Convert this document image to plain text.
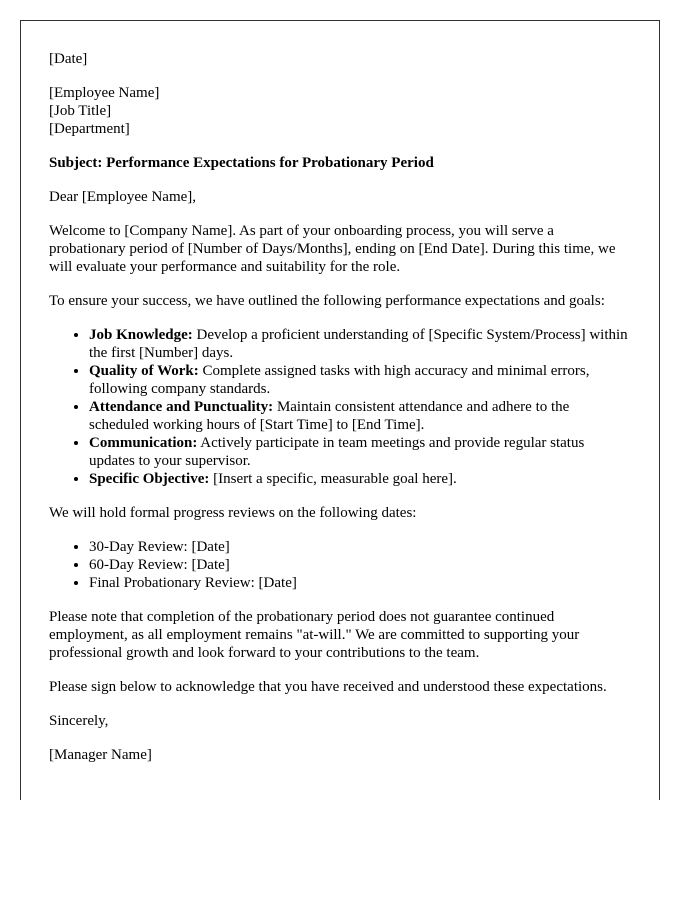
[Date]

[Employee Name]
[Job Title]
[Department]

Subject: Performance Expectations for Probationary Period

Dear [Employee Name],

Welcome to [Company Name]. As part of your onboarding process, you will serve a probationary period of [Number of Days/Months], ending on [End Date]. During this time, we will evaluate your performance and suitability for the role.

To ensure your success, we have outlined the following performance expectations and goals:

• Job Knowledge: Develop a proficient understanding of [Specific System/Process] within the first [Number] days.
• Quality of Work: Complete assigned tasks with high accuracy and minimal errors, following company standards.
• Attendance and Punctuality: Maintain consistent attendance and adhere to the scheduled working hours of [Start Time] to [End Time].
• Communication: Actively participate in team meetings and provide regular status updates to your supervisor.
• Specific Objective: [Insert a specific, measurable goal here].

We will hold formal progress reviews on the following dates:

• 30-Day Review: [Date]
• 60-Day Review: [Date]
• Final Probationary Review: [Date]

Please note that completion of the probationary period does not guarantee continued employment, as all employment remains "at-will." We are committed to supporting your professional growth and look forward to your contributions to the team.

Please sign below to acknowledge that you have received and understood these expectations.

Sincerely,

[Manager Name]
